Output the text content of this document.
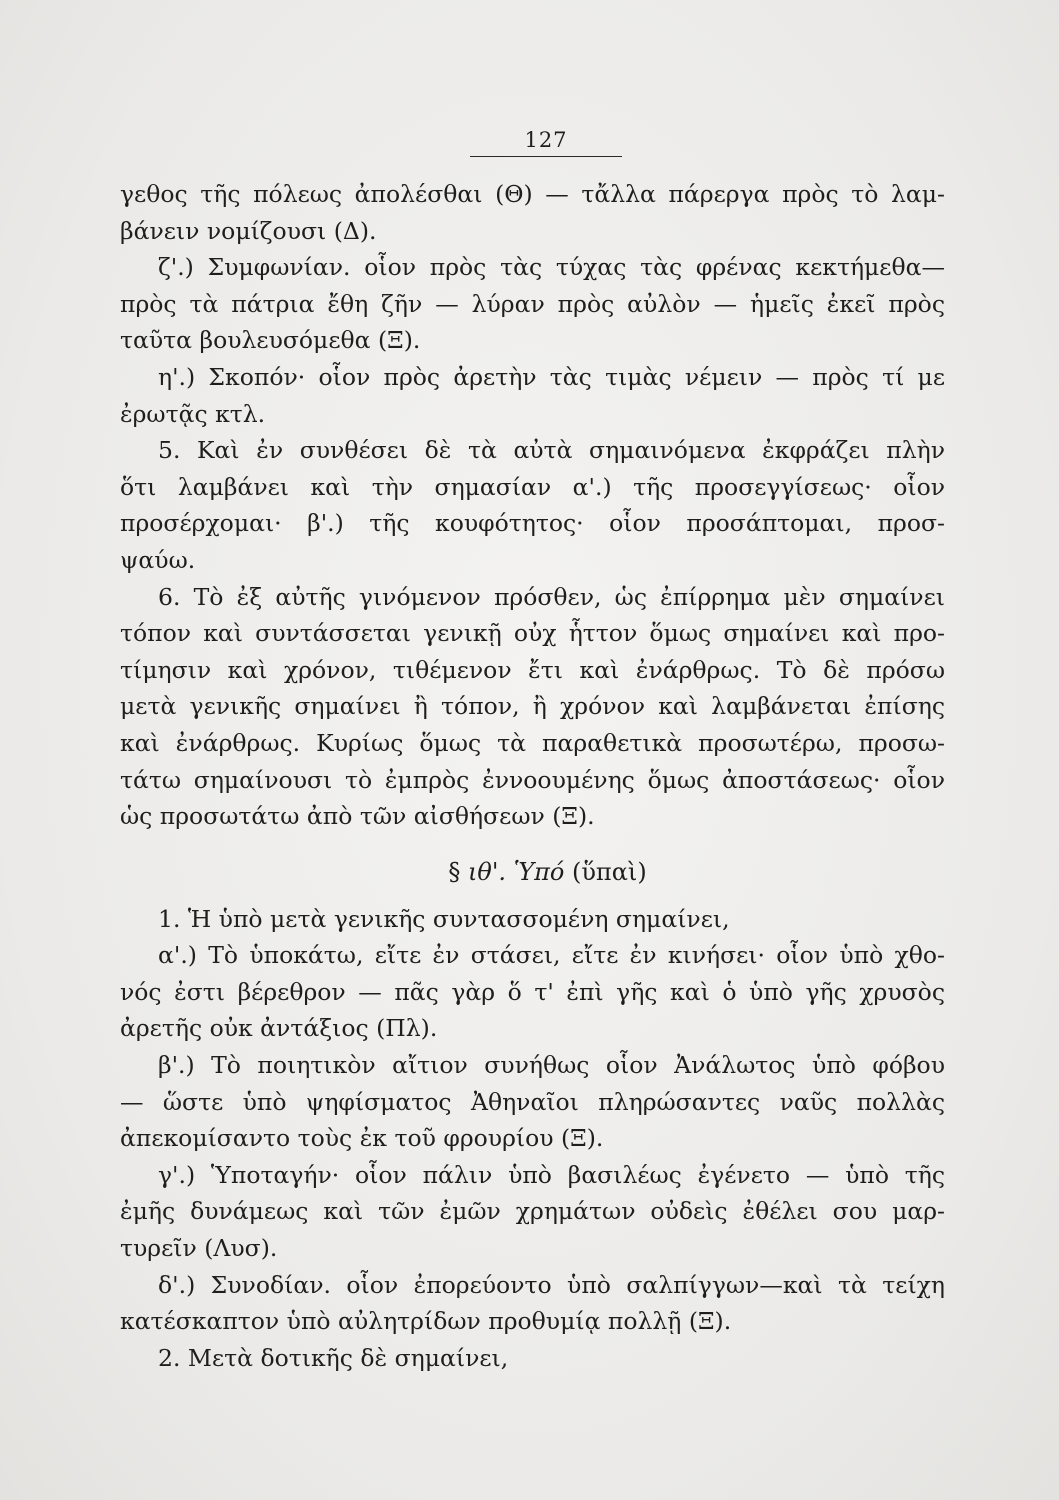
127
γεθος τῆς πόλεως ἀπολέσθαι (Θ) — τἄλλα πάρεργα πρὸς τὸ λαμ-
βάνειν νομίζουσι (Δ).
ζ'.) Συμφωνίαν. οἷον πρὸς τὰς τύχας τὰς φρένας κεκτήμεθα—
πρὸς τὰ πάτρια ἔθη ζῆν — λύραν πρὸς αὐλὸν — ἡμεῖς ἐκεῖ πρὸς
ταῦτα βουλευσόμεθα (Ξ).
η'.) Σκοπόν· οἷον πρὸς ἀρετὴν τὰς τιμὰς νέμειν — πρὸς τί με
ἐρωτᾷς κτλ.
5. Καὶ ἐν συνθέσει δὲ τὰ αὐτὰ σημαινόμενα ἐκφράζει πλὴν
ὅτι λαμβάνει καὶ τὴν σημασίαν α'.) τῆς προσεγγίσεως· οἷον
προσέρχομαι· β'.) τῆς κουφότητος· οἷον προσάπτομαι, προσ-
ψαύω.
6. Τὸ ἐξ αὐτῆς γινόμενον πρόσθεν, ὡς ἐπίρρημα μὲν σημαίνει
τόπον καὶ συντάσσεται γενικῇ οὐχ ἧττον ὅμως σημαίνει καὶ προ-
τίμησιν καὶ χρόνον, τιθέμενον ἔτι καὶ ἐνάρθρως. Τὸ δὲ πρόσω
μετὰ γενικῆς σημαίνει ἢ τόπον, ἢ χρόνον καὶ λαμβάνεται ἐπίσης
καὶ ἐνάρθρως. Κυρίως ὅμως τὰ παραθετικὰ προσωτέρω, προσω-
τάτω σημαίνουσι τὸ ἐμπρὸς ἐννοουμένης ὅμως ἀποστάσεως· οἷον
ὡς προσωτάτω ἀπὸ τῶν αἰσθήσεων (Ξ).
§ ιθ'. Ὑπό (ὕπαὶ)
1. Ἡ ὑπὸ μετὰ γενικῆς συντασσομένη σημαίνει,
α'.) Τὸ ὑποκάτω, εἴτε ἐν στάσει, εἴτε ἐν κινήσει· οἷον ὑπὸ χθο-
νός ἐστι βέρεθρον — πᾶς γὰρ ὅ τ' ἐπὶ γῆς καὶ ὁ ὑπὸ γῆς χρυσὸς
ἀρετῆς οὐκ ἀντάξιος (Πλ).
β'.) Τὸ ποιητικὸν αἴτιον συνήθως οἷον Ἀνάλωτος ὑπὸ φόβου
— ὥστε ὑπὸ ψηφίσματος Ἀθηναῖοι πληρώσαντες ναῦς πολλὰς
ἀπεκομίσαντο τοὺς ἐκ τοῦ φρουρίου (Ξ).
γ'.) Ὑποταγήν· οἷον πάλιν ὑπὸ βασιλέως ἐγένετο — ὑπὸ τῆς
ἐμῆς δυνάμεως καὶ τῶν ἐμῶν χρημάτων οὐδεὶς ἐθέλει σου μαρ-
τυρεῖν (Λυσ).
δ'.) Συνοδίαν. οἷον ἐπορεύοντο ὑπὸ σαλπίγγων—καὶ τὰ τείχη
κατέσκαπτον ὑπὸ αὐλητρίδων προθυμίᾳ πολλῇ (Ξ).
2. Μετὰ δοτικῆς δὲ σημαίνει,
